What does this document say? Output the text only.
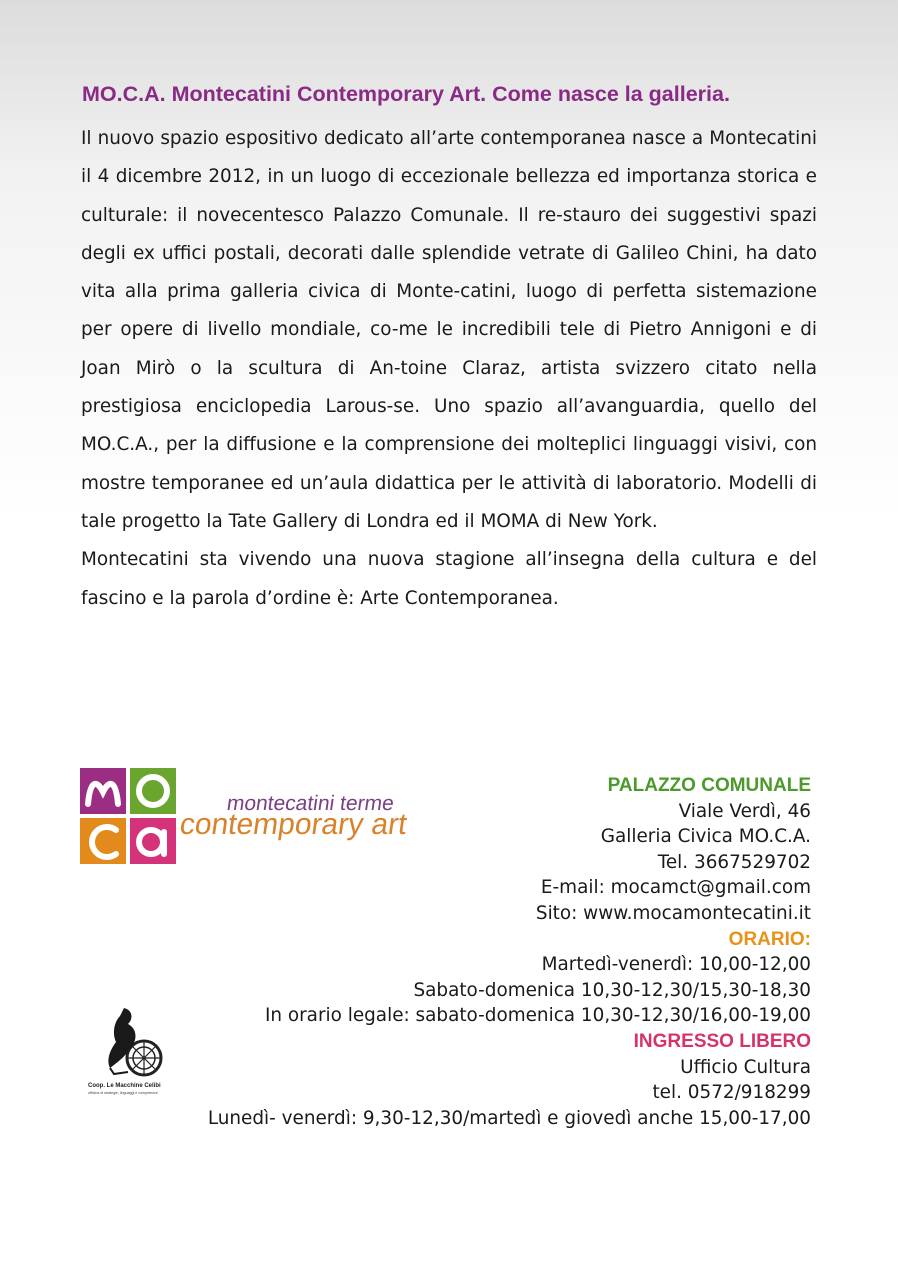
MO.C.A. Montecatini Contemporary Art. Come nasce la galleria.

Il nuovo spazio espositivo dedicato all’arte contemporanea nasce a Montecatini il 4 dicembre 2012, in un luogo di eccezionale bellezza ed importanza storica e culturale: il novecentesco Palazzo Comunale. Il re-stauro dei suggestivi spazi degli ex uffici postali, decorati dalle splendide vetrate di Galileo Chini, ha dato vita alla prima galleria civica di Monte-catini, luogo di perfetta sistemazione per opere di livello mondiale, co-me le incredibili tele di Pietro Annigoni e di Joan Mirò o la scultura di An-toine Claraz, artista svizzero citato nella prestigiosa enciclopedia Larous-se. Uno spazio all’avanguardia, quello del MO.C.A., per la diffusione e la comprensione dei molteplici linguaggi visivi, con mostre temporanee ed un’aula didattica per le attività di laboratorio. Modelli di tale progetto la Tate Gallery di Londra ed il MOMA di New York.

Montecatini sta vivendo una nuova stagione all’insegna della cultura e del fascino e la parola d’ordine è: Arte Contemporanea.

montecatini terme
contemporary art
PALAZZO COMUNALE
Viale Verdì, 46
Galleria Civica MO.C.A.
Tel. 3667529702
E-mail: mocamct@gmail.com
Sito: www.mocamontecatini.it
ORARIO:
Martedì-venerdì: 10,00-12,00
Sabato-domenica 10,30-12,30/15,30-18,30
In orario legale: sabato-domenica 10,30-12,30/16,00-19,00
INGRESSO LIBERO
Ufficio Cultura
tel. 0572/918299
Lunedì- venerdì: 9,30-12,30/martedì e giovedì anche 15,00-17,00
Coop. Le Macchine Celibi
officina di strategie, linguaggi e competenze
